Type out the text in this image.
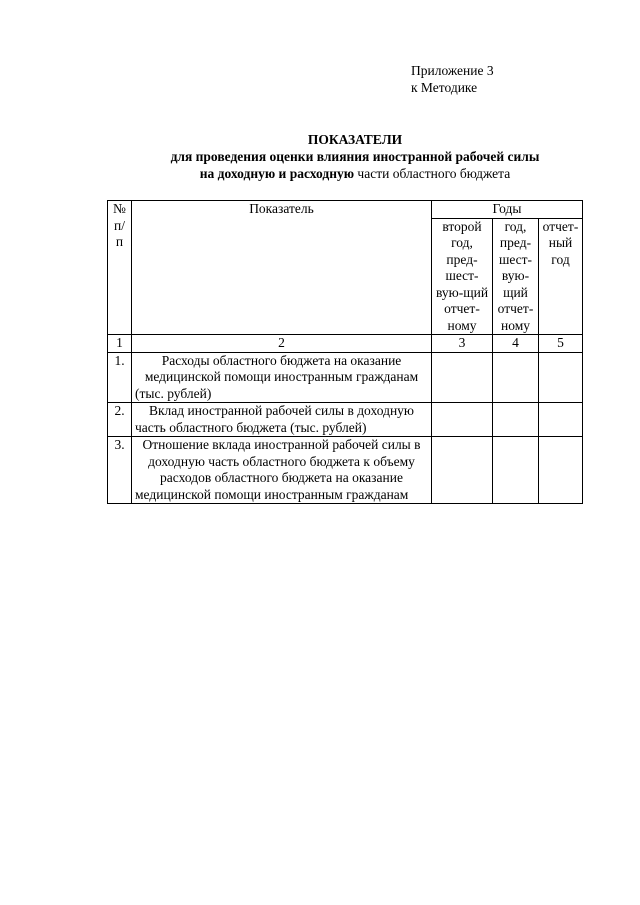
Приложение 3
к Методике
ПОКАЗАТЕЛИ
для проведения оценки влияния иностранной рабочей силы
на доходную и расходную части областного бюджета
№ п/п	Показатель	Годы		
		второй год, пред-шест-вую-щий отчет-ному	год, пред-шест-вую-щий отчет-ному	отчет-ный год
1	2	3	4	5
1.	Расходы областного бюджета на оказание медицинской помощи иностранным гражданам (тыс. рублей)			
2.	Вклад иностранной рабочей силы в доходную часть областного бюджета (тыс. рублей)			
3.	Отношение вклада иностранной рабочей силы в доходную часть областного бюджета к объему расходов областного бюджета на оказание медицинской помощи иностранным гражданам			
